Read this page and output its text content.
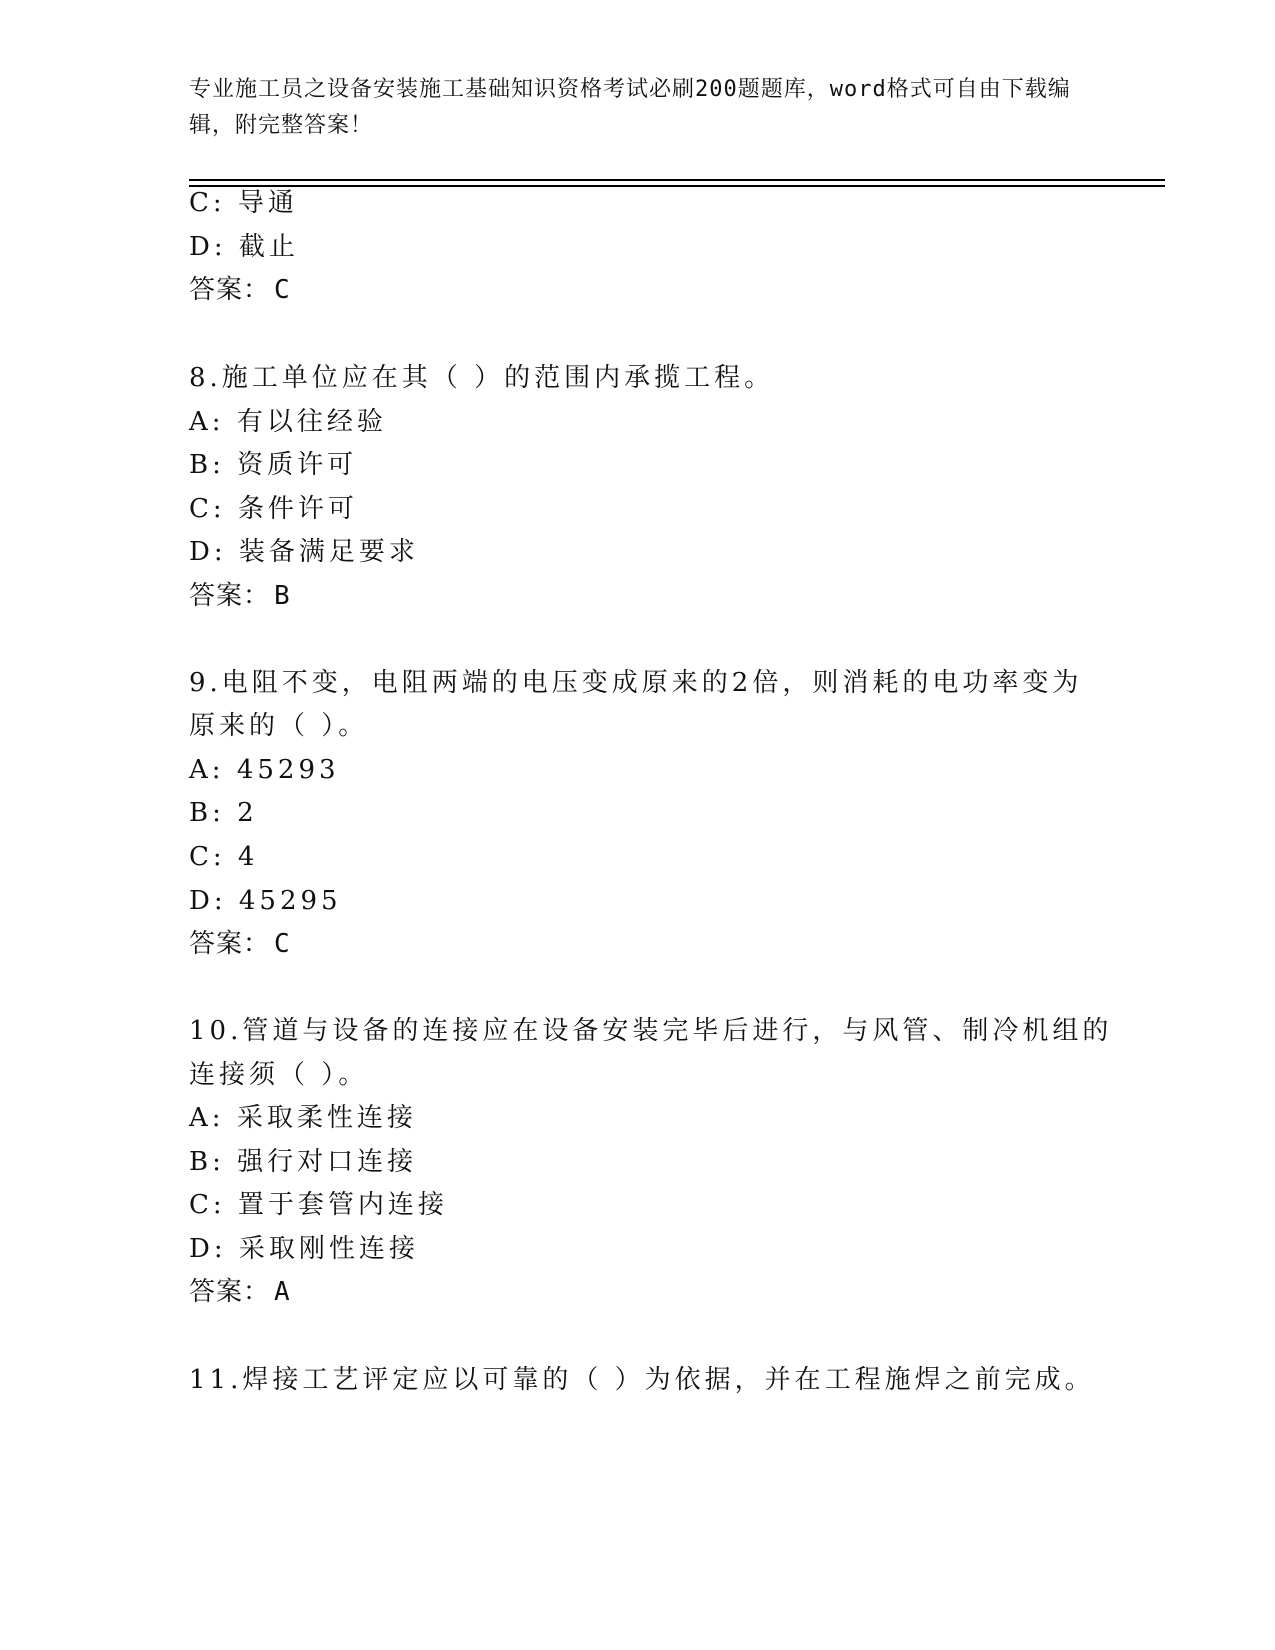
专业施工员之设备安装施工基础知识资格考试必刷200题题库，word格式可自由下载编辑，附完整答案！
C: 导通
D: 截止
答案： C
8.施工单位应在其（ ）的范围内承揽工程。
A: 有以往经验
B: 资质许可
C: 条件许可
D: 装备满足要求
答案： B
9.电阻不变，电阻两端的电压变成原来的2倍，则消耗的电功率变为
原来的（ ）。
A: 45293
B: 2
C: 4
D: 45295
答案： C
10.管道与设备的连接应在设备安装完毕后进行，与风管、制冷机组的
连接须（ ）。
A: 采取柔性连接
B: 强行对口连接
C: 置于套管内连接
D: 采取刚性连接
答案： A
11.焊接工艺评定应以可靠的（ ）为依据，并在工程施焊之前完成。
